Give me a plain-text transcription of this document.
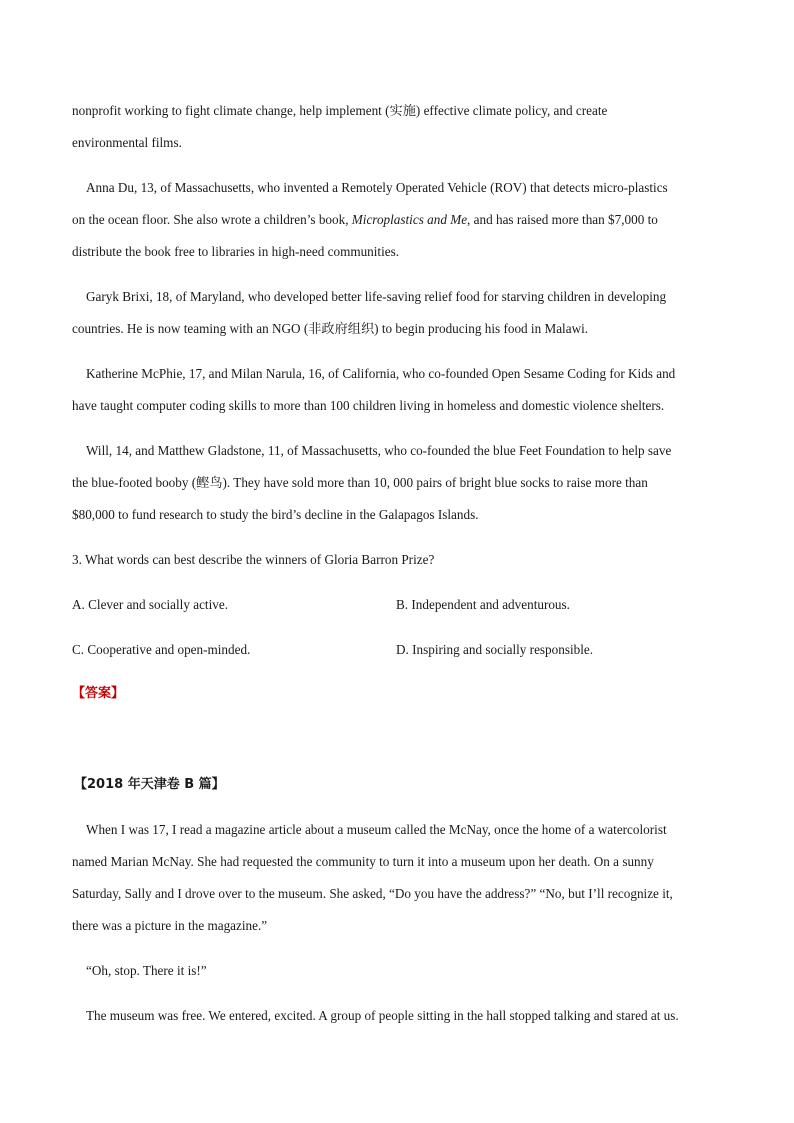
nonprofit working to fight climate change, help implement (实施) effective climate policy, and create
environmental films.
Anna Du, 13, of Massachusetts, who invented a Remotely Operated Vehicle (ROV) that detects micro-plastics
on the ocean floor. She also wrote a children’s book, Microplastics and Me, and has raised more than $7,000 to
distribute the book free to libraries in high-need communities.
Garyk Brixi, 18, of Maryland, who developed better life-saving relief food for starving children in developing
countries. He is now teaming with an NGO (非政府组织) to begin producing his food in Malawi.
Katherine McPhie, 17, and Milan Narula, 16, of California, who co-founded Open Sesame Coding for Kids and
have taught computer coding skills to more than 100 children living in homeless and domestic violence shelters.
Will, 14, and Matthew Gladstone, 11, of Massachusetts, who co-founded the blue Feet Foundation to help save
the blue-footed booby (鲣鸟). They have sold more than 10, 000 pairs of bright blue socks to raise more than
$80,000 to fund research to study the bird’s decline in the Galapagos Islands.
3. What words can best describe the winners of Gloria Barron Prize?
A. Clever and socially active.	B. Independent and adventurous.
C. Cooperative and open-minded.	D. Inspiring and socially responsible.
【答案】
【2018 年天津卷 B 篇】
When I was 17, I read a magazine article about a museum called the McNay, once the home of a watercolorist
named Marian McNay. She had requested the community to turn it into a museum upon her death. On a sunny
Saturday, Sally and I drove over to the museum. She asked, “Do you have the address?” “No, but I’ll recognize it,
there was a picture in the magazine.”
“Oh, stop. There it is!”
The museum was free. We entered, excited. A group of people sitting in the hall stopped talking and stared at us.
